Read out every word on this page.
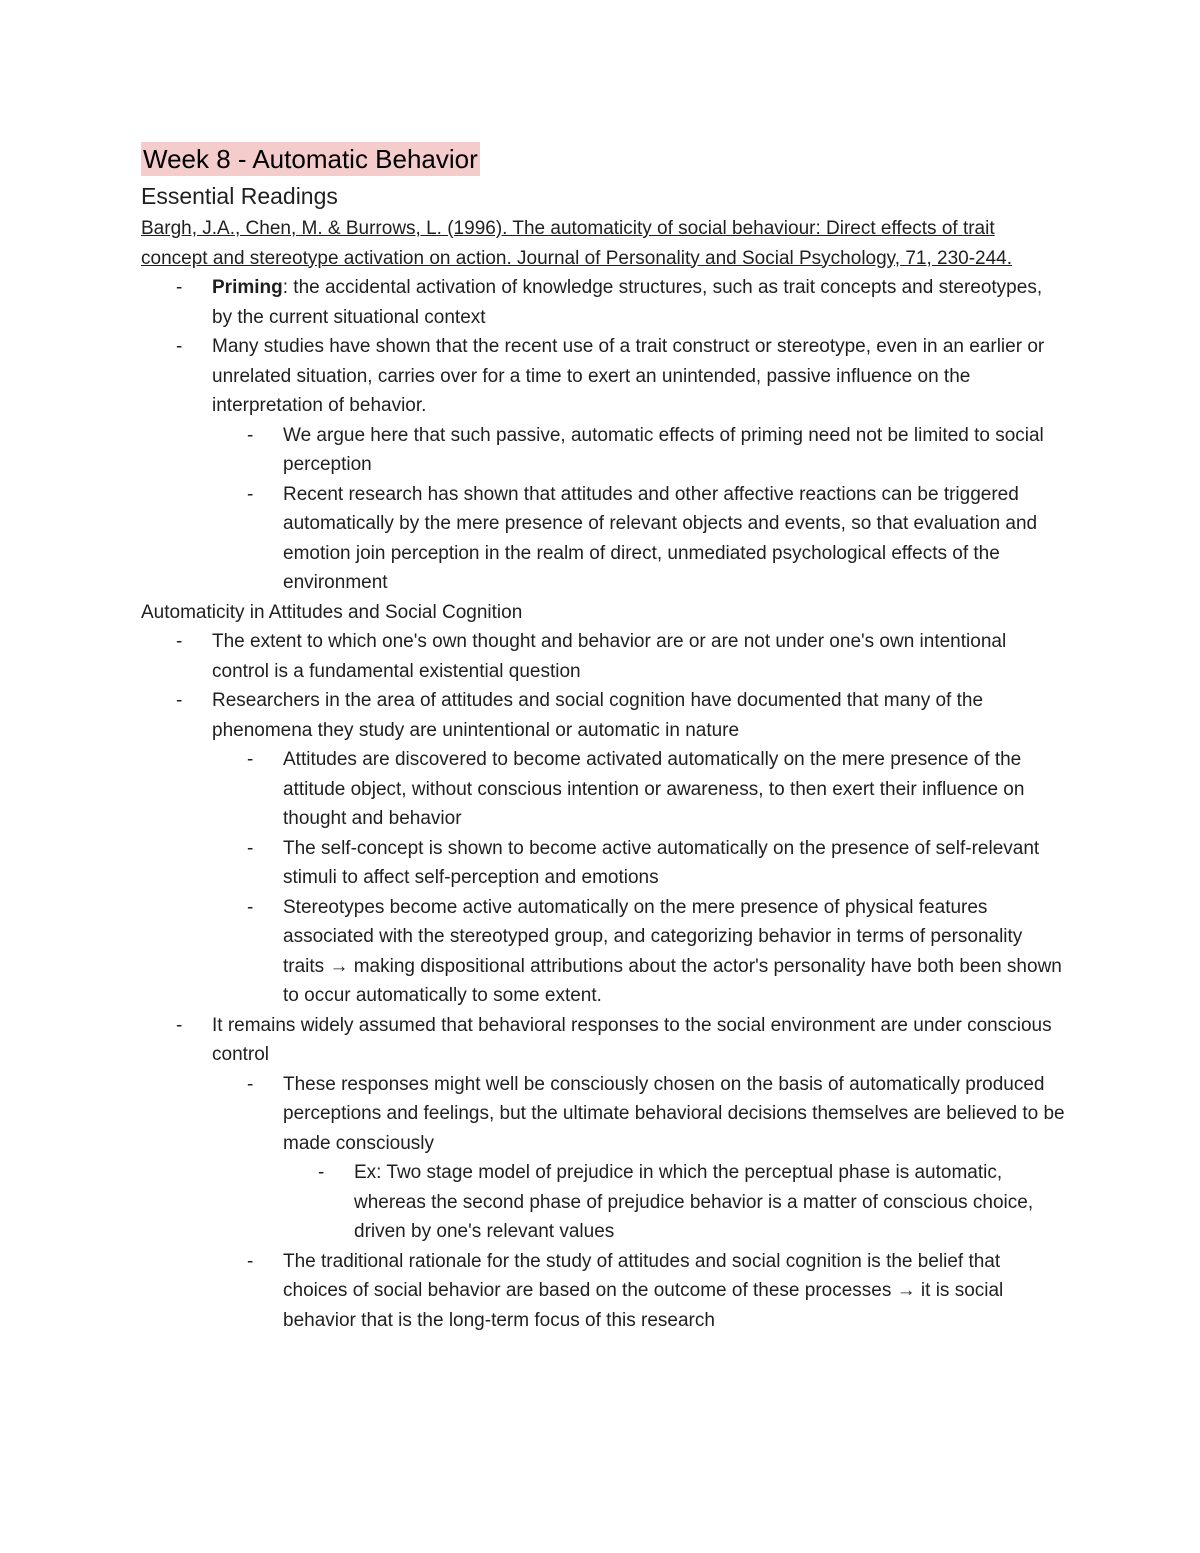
Week 8 - Automatic Behavior
Essential Readings
Bargh, J.A., Chen, M. & Burrows, L. (1996). The automaticity of social behaviour: Direct effects of trait concept and stereotype activation on action. Journal of Personality and Social Psychology, 71, 230-244.
- Priming: the accidental activation of knowledge structures, such as trait concepts and stereotypes, by the current situational context
- Many studies have shown that the recent use of a trait construct or stereotype, even in an earlier or unrelated situation, carries over for a time to exert an unintended, passive influence on the interpretation of behavior.
- We argue here that such passive, automatic effects of priming need not be limited to social perception
- Recent research has shown that attitudes and other affective reactions can be triggered automatically by the mere presence of relevant objects and events, so that evaluation and emotion join perception in the realm of direct, unmediated psychological effects of the environment
Automaticity in Attitudes and Social Cognition
- The extent to which one's own thought and behavior are or are not under one's own intentional control is a fundamental existential question
- Researchers in the area of attitudes and social cognition have documented that many of the phenomena they study are unintentional or automatic in nature
- Attitudes are discovered to become activated automatically on the mere presence of the attitude object, without conscious intention or awareness, to then exert their influence on thought and behavior
- The self-concept is shown to become active automatically on the presence of self-relevant stimuli to affect self-perception and emotions
- Stereotypes become active automatically on the mere presence of physical features associated with the stereotyped group, and categorizing behavior in terms of personality traits → making dispositional attributions about the actor's personality have both been shown to occur automatically to some extent.
- It remains widely assumed that behavioral responses to the social environment are under conscious control
- These responses might well be consciously chosen on the basis of automatically produced perceptions and feelings, but the ultimate behavioral decisions themselves are believed to be made consciously
- Ex: Two stage model of prejudice in which the perceptual phase is automatic, whereas the second phase of prejudice behavior is a matter of conscious choice, driven by one's relevant values
- The traditional rationale for the study of attitudes and social cognition is the belief that choices of social behavior are based on the outcome of these processes → it is social behavior that is the long-term focus of this research
